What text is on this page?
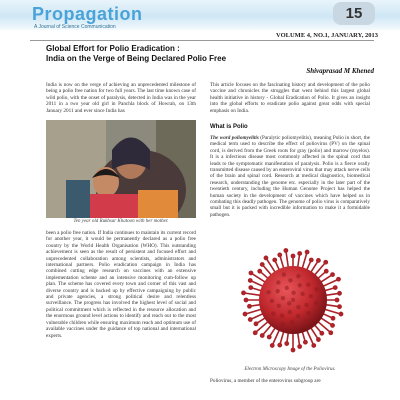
Propagation
A Journal of Science Communication
15
VOLUME 4, NO.1, JANUARY, 2013
Global Effort for Polio Eradication :
India on the Verge of Being Declared Polio Free
Shivaprasad M Khened
India is now on the verge of achieving an unprecedented milestone of being a polio free nation for two full years. The last time known case of wild polio, with the onset of paralysis, detected in India was in the year 2011 in a two year old girl in Panchla block of Howrah, on 13th January 2011 and ever since India has
Ten year old Rukhsar Khatoon with her mother.
been a polio free nation. If India continues to maintain its current record for another year, it would be permanently declared as a polio free country by the World Health Organisation (WHO). This outstanding achievement is seen as the result of persistent and focused effort and unprecedented collaboration among scientists, administrators and international partners. Polio eradication campaign in India has combined cutting edge research on vaccines with an extensive implementation scheme and an intensive monitoring cum-follow up plan. The scheme has covered every town and corner of this vast and diverse country and is backed up by effective campaigning by public and private agencies, a strong political desire and relentless surveillance. The progress has involved the highest level of social and political commitment which is reflected in the resource allocation and the enormous ground level actions to identify and reach out to the most vulnerable children while ensuring maximum reach and optimum use of available vaccines under the guidance of top national and international experts.
This article focuses on the fascinating history and development of the polio vaccine and chronicles the struggles that went behind this largest global health initiative in history - Global Eradication of Polio. It gives an insight into the global efforts to eradicate polio against great odds with special emphasis on India.
What is Polio
The word poliomyelitis (Paralytic poliomyelitis), meaning Polio in short, the medical term used to describe the effect of poliovirus (PV) on the spinal cord, is derived from the Greek roots for gray (polio) and marrow (myelos). It is a infectious disease most commonly affected in the spinal cord that leads to the symptomatic manifestation of paralysis. Polio is a fierce orally transmitted disease caused by an enteroviral virus that may attack nerve cells of the brain and spinal cord. Research at medical diagnostics, biomedical research, understanding the genome etc. especially in the later part of the twentieth century, including the Human Genome Project has helped the human society in the development of vaccines which have helped us in combating this deadly pathogen. The genome of polio virus is comparatively small but it is packed with incredible information to make it a formidable pathogen.
Electron Microscopy Image of the Poliovirus.
Poliovirus, a member of the enterovirus subgroup are
